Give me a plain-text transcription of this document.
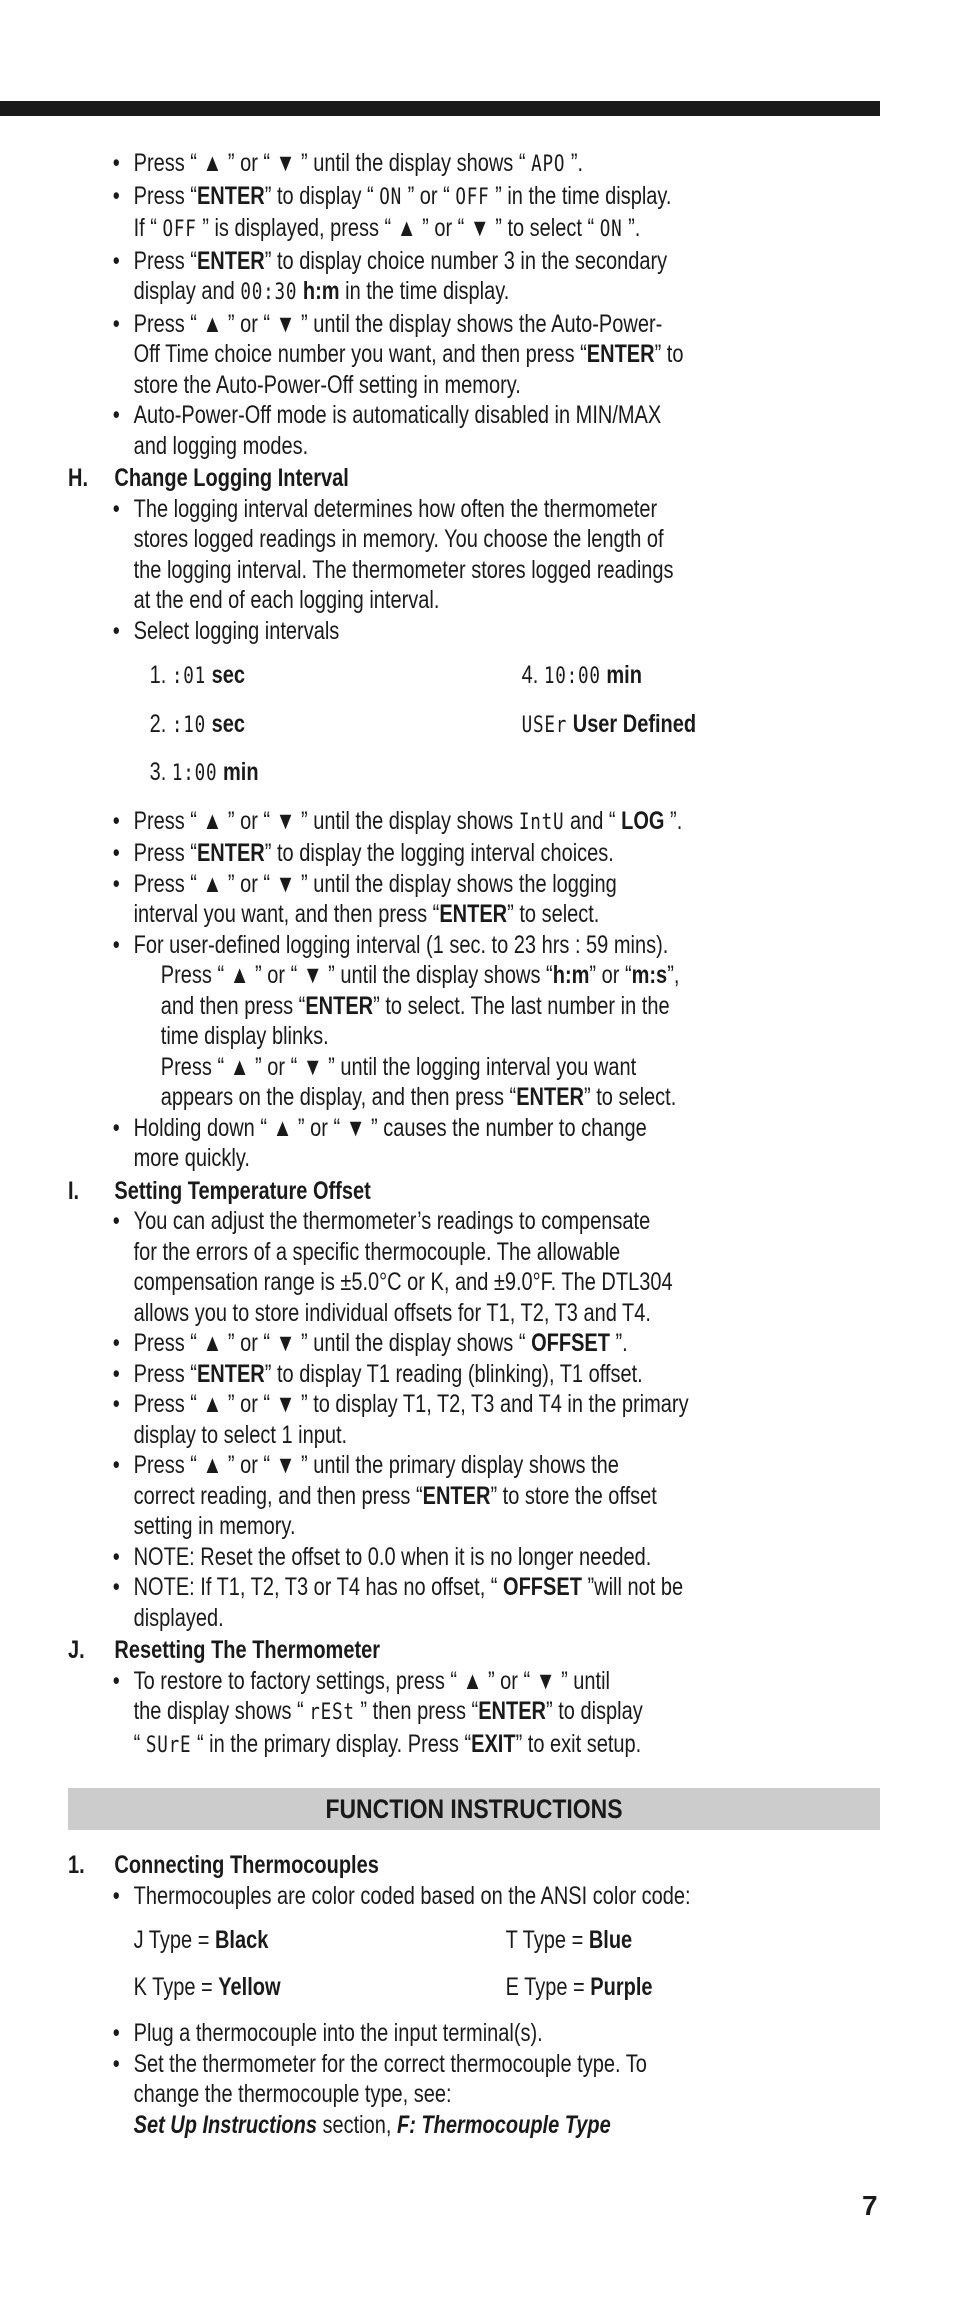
• Press “ ▲ ” or “ ▼ ” until the display shows “ APO ”.
• Press “ENTER” to display “ ON ” or “ OFF ” in the time display.
If “ OFF ” is displayed, press “ ▲ ” or “ ▼ ” to select “ ON ”.
• Press “ENTER” to display choice number 3 in the secondary
display and 00:30 h:m in the time display.
• Press “ ▲ ” or “ ▼ ” until the display shows the Auto-Power-
Off Time choice number you want, and then press “ENTER” to
store the Auto-Power-Off setting in memory.
• Auto-Power-Off mode is automatically disabled in MIN/MAX
and logging modes.
H.	Change Logging Interval
• The logging interval determines how often the thermometer
stores logged readings in memory. You choose the length of
the logging interval. The thermometer stores logged readings
at the end of each logging interval.
• Select logging intervals
1. :01 sec	4. 10:00 min
2. :10 sec	USEr User Defined
3. 1:00 min
• Press “ ▲ ” or “ ▼ ” until the display shows IntU and “ LOG ”.
• Press “ENTER” to display the logging interval choices.
• Press “ ▲ ” or “ ▼ ” until the display shows the logging
interval you want, and then press “ENTER” to select.
• For user-defined logging interval (1 sec. to 23 hrs : 59 mins).
Press “ ▲ ” or “ ▼ ” until the display shows “h:m” or “m:s”,
and then press “ENTER” to select. The last number in the
time display blinks.
Press “ ▲ ” or “ ▼ ” until the logging interval you want
appears on the display, and then press “ENTER” to select.
• Holding down “ ▲ ” or “ ▼ ” causes the number to change
more quickly.
I.	Setting Temperature Offset
• You can adjust the thermometer’s readings to compensate
for the errors of a specific thermocouple. The allowable
compensation range is ±5.0°C or K, and ±9.0°F. The DTL304
allows you to store individual offsets for T1, T2, T3 and T4.
• Press “ ▲ ” or “ ▼ ” until the display shows “ OFFSET ”.
• Press “ENTER” to display T1 reading (blinking), T1 offset.
• Press “ ▲ ” or “ ▼ ” to display T1, T2, T3 and T4 in the primary
display to select 1 input.
• Press “ ▲ ” or “ ▼ ” until the primary display shows the
correct reading, and then press “ENTER” to store the offset
setting in memory.
• NOTE: Reset the offset to 0.0 when it is no longer needed.
• NOTE: If T1, T2, T3 or T4 has no offset, “ OFFSET ”will not be
displayed.
J.	Resetting The Thermometer
• To restore to factory settings, press “ ▲ ” or “ ▼ ” until
the display shows “ rESt ” then press “ENTER” to display
“ SUrE “ in the primary display. Press “EXIT” to exit setup.
FUNCTION INSTRUCTIONS
1.	Connecting Thermocouples
• Thermocouples are color coded based on the ANSI color code:
J Type = Black	T Type = Blue
K Type = Yellow	E Type = Purple
• Plug a thermocouple into the input terminal(s).
• Set the thermometer for the correct thermocouple type. To
change the thermocouple type, see:
Set Up Instructions section, F: Thermocouple Type
7
